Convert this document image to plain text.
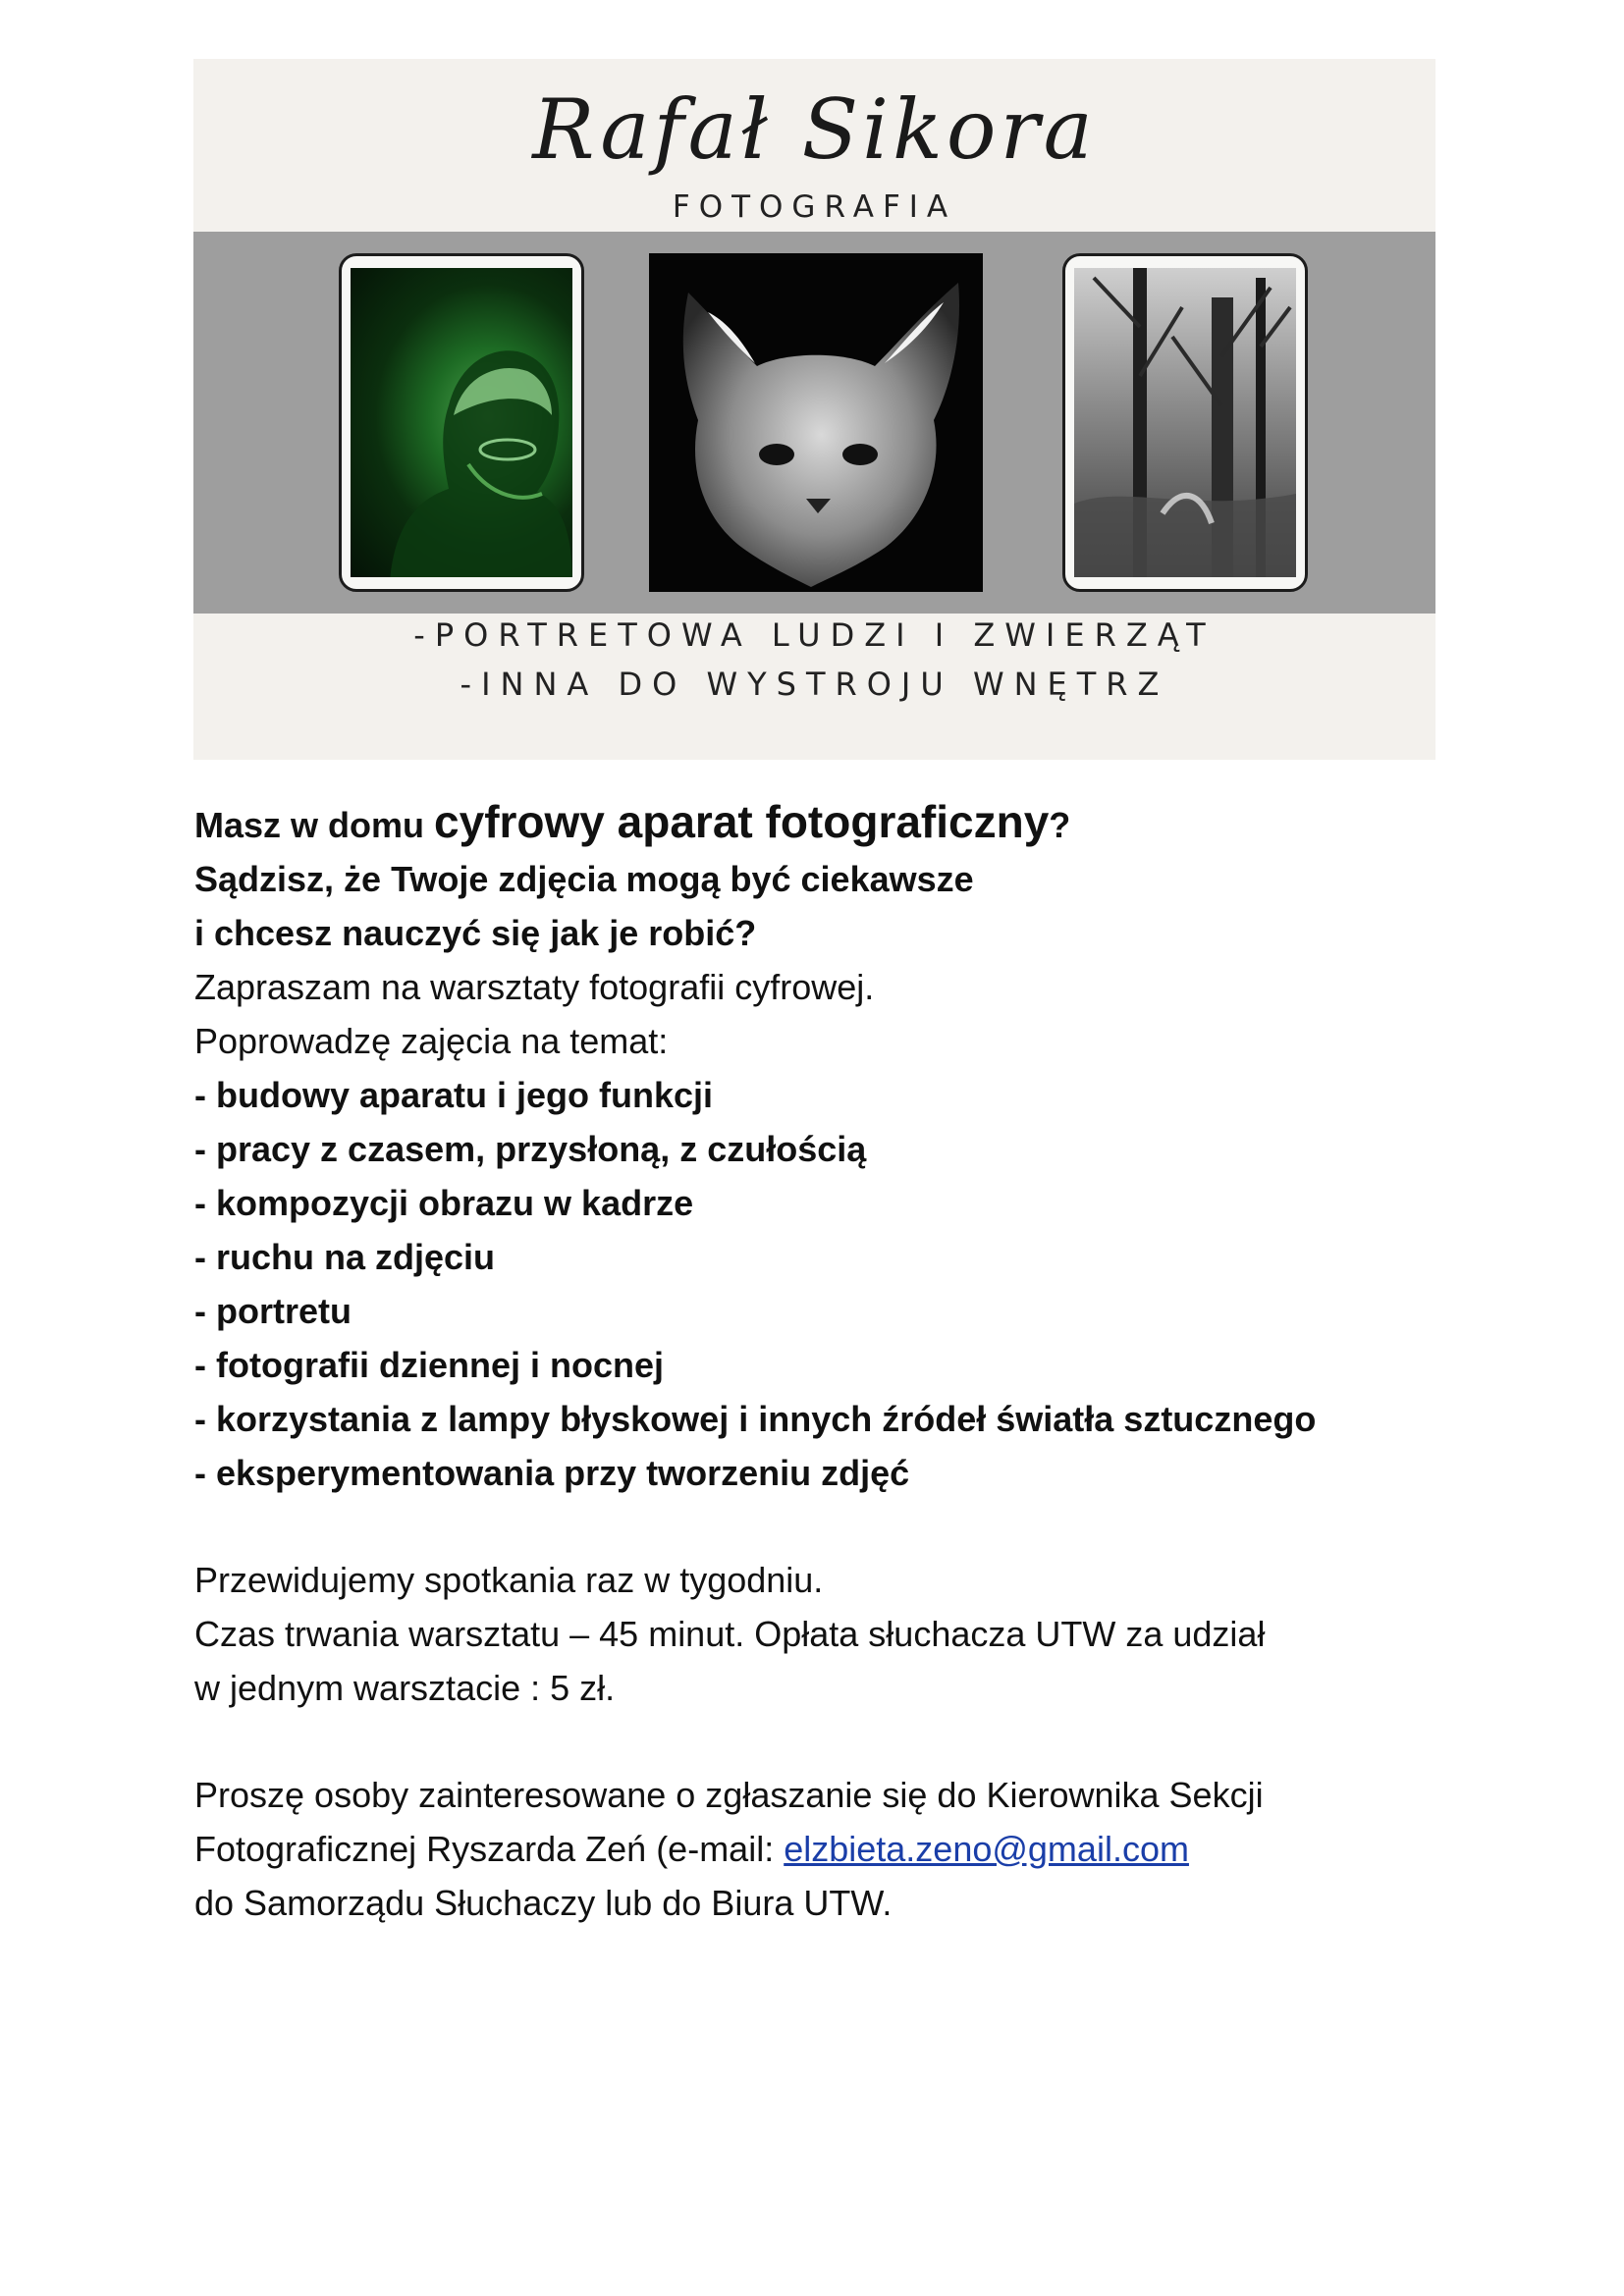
Rafał Sikora
FOTOGRAFIA
-PORTRETOWA LUDZI I ZWIERZĄT
-INNA DO WYSTROJU WNĘTRZ
Masz w domu cyfrowy aparat fotograficzny?
Sądzisz, że Twoje zdjęcia mogą być ciekawsze
i chcesz nauczyć się jak je robić?
Zapraszam na warsztaty fotografii cyfrowej.
Poprowadzę zajęcia na temat:
- budowy aparatu i jego funkcji
- pracy z czasem, przysłoną, z czułością
- kompozycji obrazu w kadrze
- ruchu na zdjęciu
- portretu
- fotografii dziennej i nocnej
- korzystania z lampy błyskowej i innych źródeł światła sztucznego
- eksperymentowania przy tworzeniu zdjęć
Przewidujemy spotkania raz w tygodniu.
Czas trwania warsztatu – 45 minut. Opłata słuchacza UTW za udział
w jednym warsztacie : 5 zł.
Proszę osoby zainteresowane o zgłaszanie się do Kierownika Sekcji
Fotograficznej Ryszarda Zeń (e-mail: elzbieta.zeno@gmail.com
do Samorządu Słuchaczy lub do Biura UTW.
